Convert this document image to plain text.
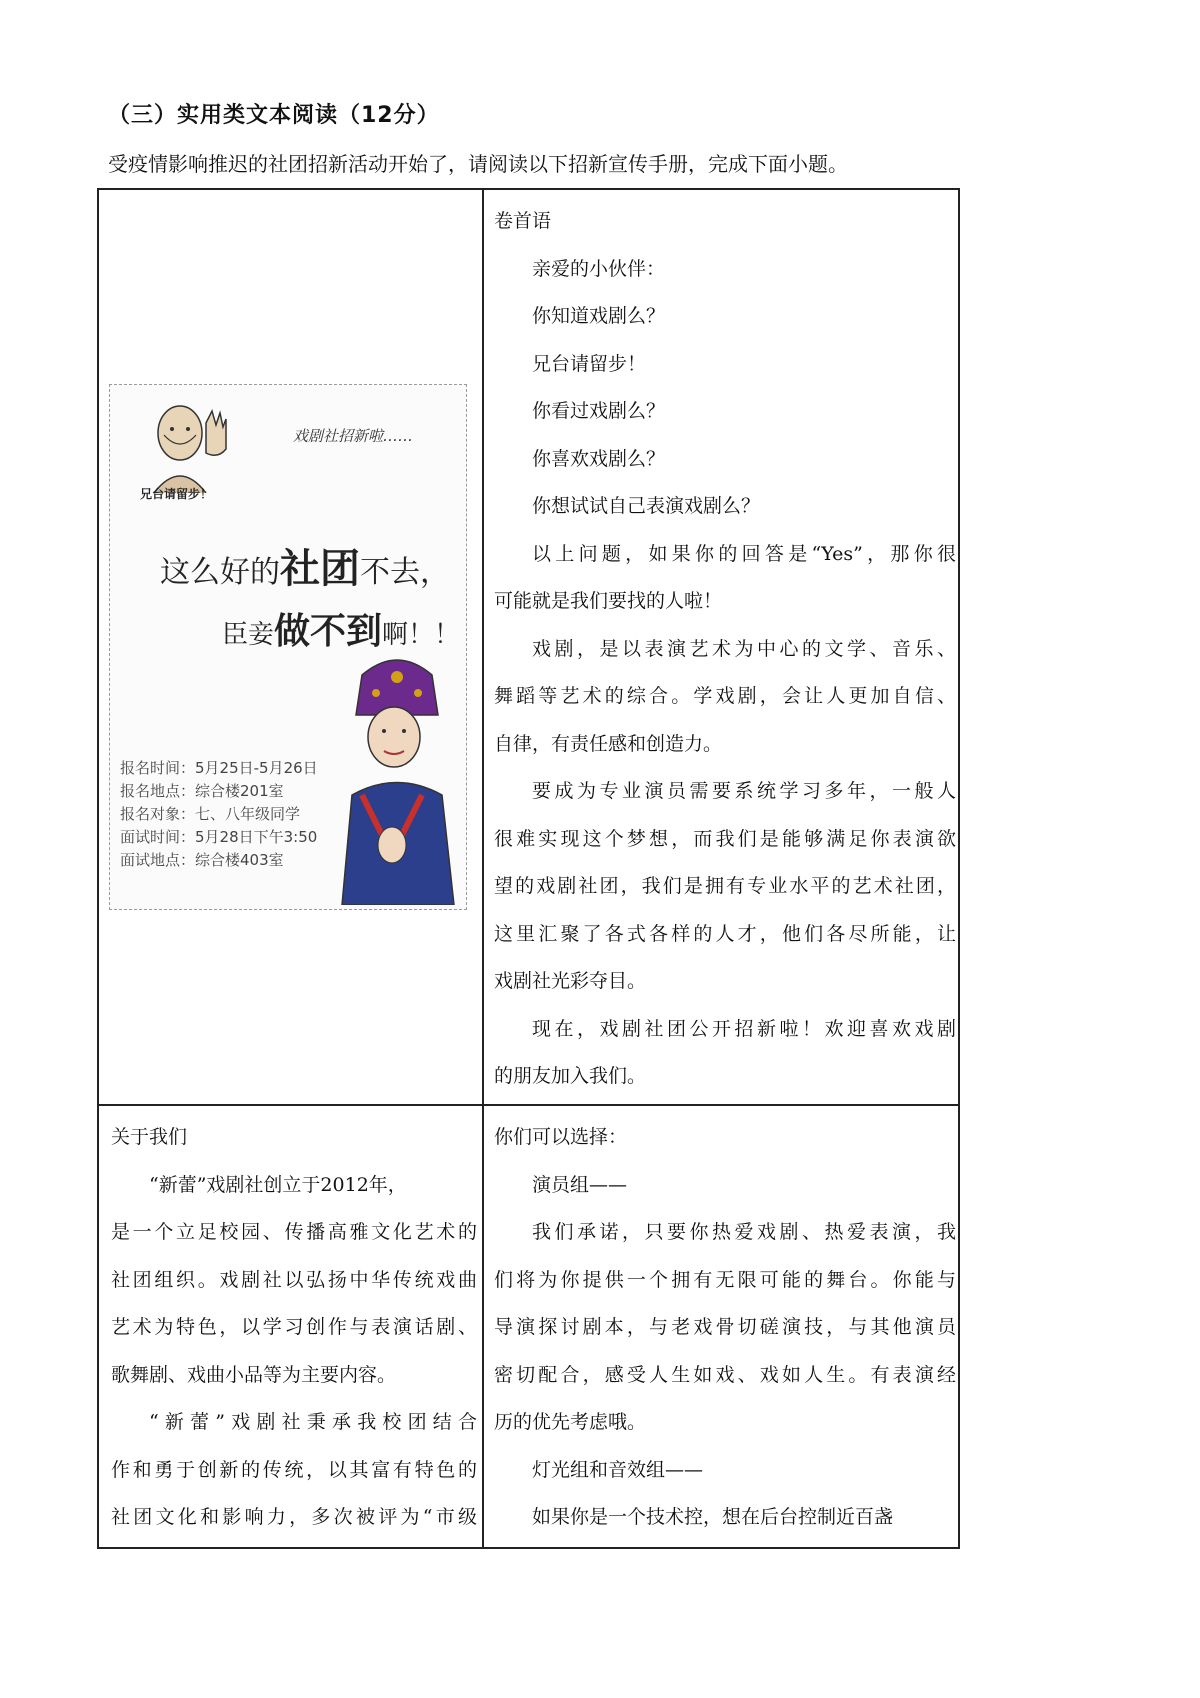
（三）实用类文本阅读（12分）
受疫情影响推迟的社团招新活动开始了，请阅读以下招新宣传手册，完成下面小题。
戏剧社招新啦……
兄台请留步！
这么好的社团不去，
臣妾做不到啊！！
报名时间：5月25日-5月26日
报名地点：综合楼201室
报名对象：七、八年级同学
面试时间：5月28日下午3:50
面试地点：综合楼403室

卷首语

亲爱的小伙伴：

你知道戏剧么？

兄台请留步！

你看过戏剧么？

你喜欢戏剧么？

你想试试自己表演戏剧么？

以上问题，如果你的回答是“Yes”，那你很

可能就是我们要找的人啦！

戏剧，是以表演艺术为中心的文学、音乐、

舞蹈等艺术的综合。学戏剧，会让人更加自信、

自律，有责任感和创造力。

要成为专业演员需要系统学习多年，一般人

很难实现这个梦想，而我们是能够满足你表演欲

望的戏剧社团，我们是拥有专业水平的艺术社团，

这里汇聚了各式各样的人才，他们各尽所能，让

戏剧社光彩夺目。

现在，戏剧社团公开招新啦！欢迎喜欢戏剧

的朋友加入我们。

关于我们

“新蕾”戏剧社创立于2012年，

是一个立足校园、传播高雅文化艺术的

社团组织。戏剧社以弘扬中华传统戏曲

艺术为特色，以学习创作与表演话剧、

歌舞剧、戏曲小品等为主要内容。

“新蕾”戏剧社秉承我校团结合

作和勇于创新的传统，以其富有特色的

社团文化和影响力，多次被评为“市级

你们可以选择：

演员组——

我们承诺，只要你热爱戏剧、热爱表演，我

们将为你提供一个拥有无限可能的舞台。你能与

导演探讨剧本，与老戏骨切磋演技，与其他演员

密切配合，感受人生如戏、戏如人生。有表演经

历的优先考虑哦。

灯光组和音效组——

如果你是一个技术控，想在后台控制近百盏
